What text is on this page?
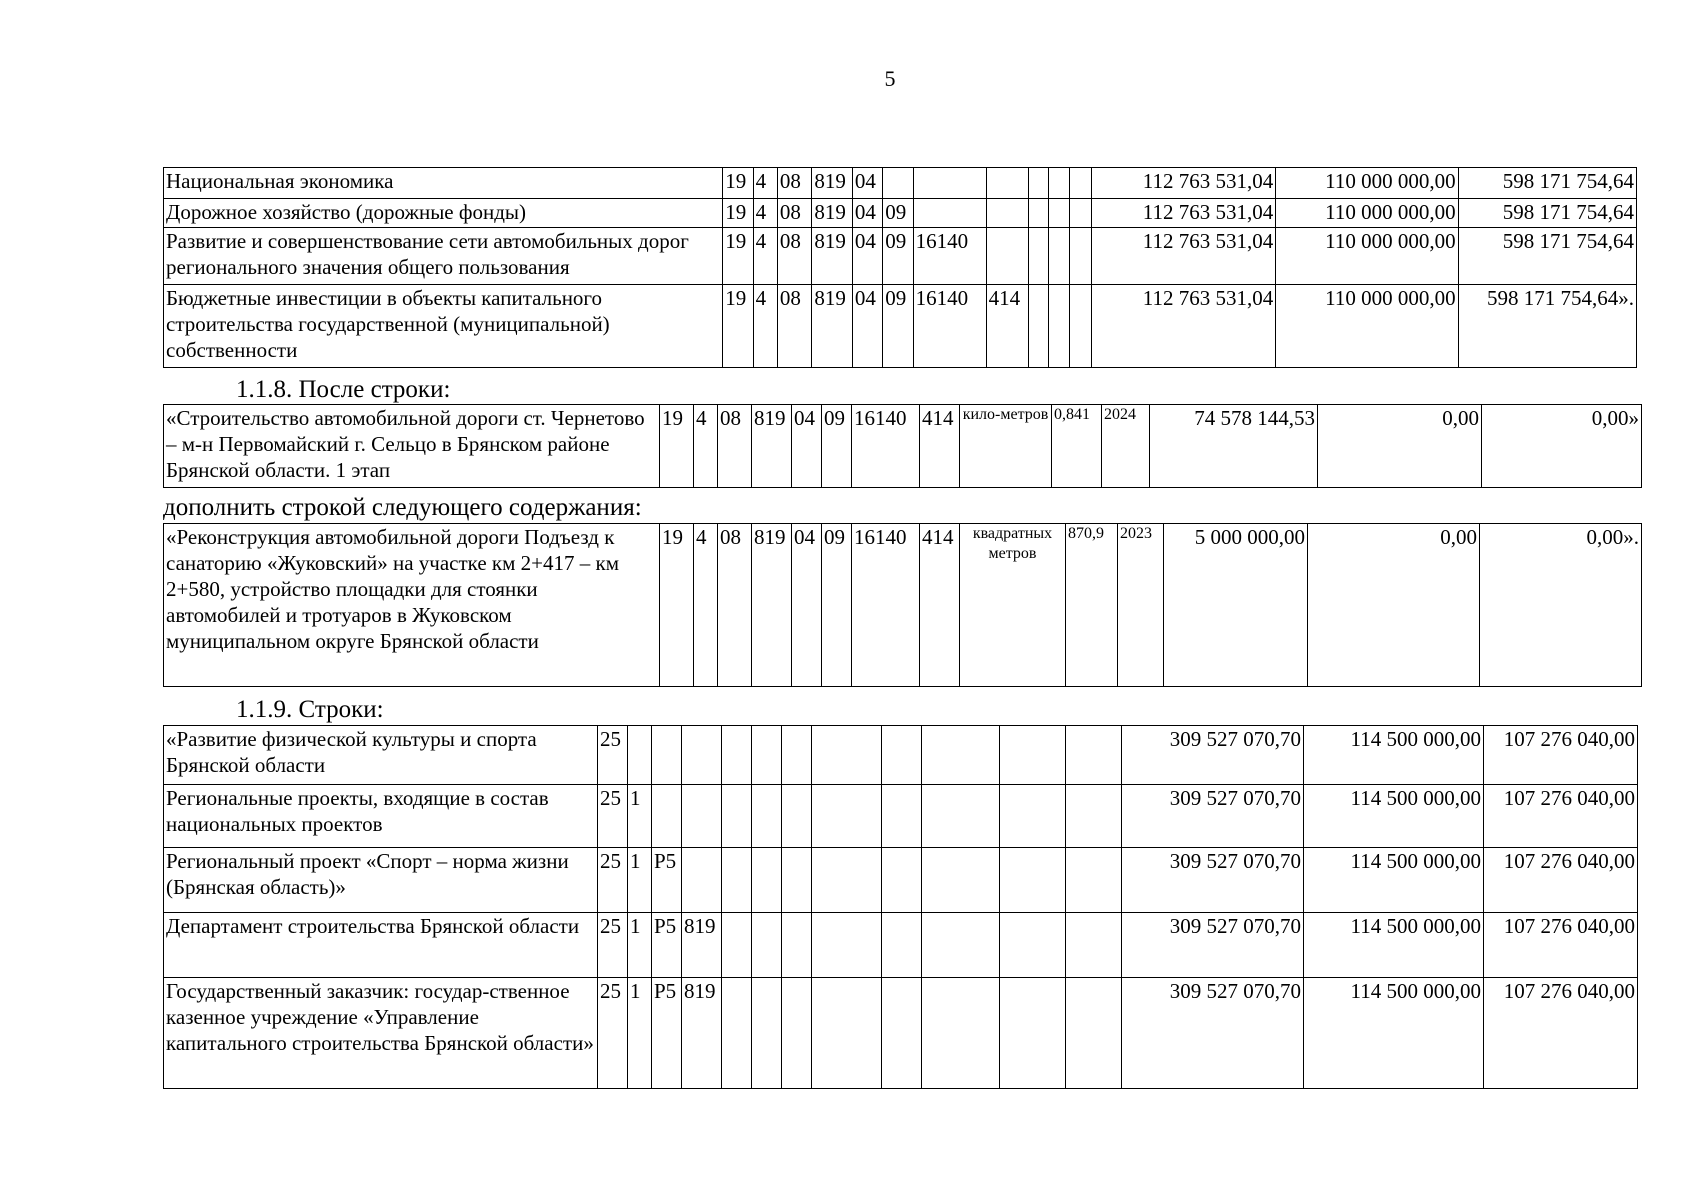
5
Национальная экономика	19	4	08	819	04							112 763 531,04	110 000 000,00	598 171 754,64
Дорожное хозяйство (дорожные фонды)	19	4	08	819	04	09						112 763 531,04	110 000 000,00	598 171 754,64
Развитие и совершенствование сети автомобильных дорог регионального значения общего пользования	19	4	08	819	04	09	16140					112 763 531,04	110 000 000,00	598 171 754,64
Бюджетные инвестиции в объекты капитального строительства государственной (муниципальной) собственности	19	4	08	819	04	09	16140	414				112 763 531,04	110 000 000,00	598 171 754,64».
1.1.8. После строки:
«Строительство автомобильной дороги ст. Чернетово – м-н Первомайский г. Сельцо в Брянском районе Брянской области. 1 этап	19	4	08	819	04	09	16140	414	кило-метров	0,841	2024	74 578 144,53	0,00	0,00»
дополнить строкой следующего содержания:
«Реконструкция автомобильной дороги Подъезд к санаторию «Жуковский» на участке км 2+417 – км 2+580, устройство площадки для стоянки автомобилей и тротуаров в Жуковском муниципальном округе Брянской области	19	4	08	819	04	09	16140	414	квадратных метров	870,9	2023	5 000 000,00	0,00	0,00».
1.1.9. Строки:
«Развитие физической культуры и спорта Брянской области	25												309 527 070,70	114 500 000,00	107 276 040,00
Региональные проекты, входящие в состав национальных проектов	25	1											309 527 070,70	114 500 000,00	107 276 040,00
Региональный проект «Спорт – норма жизни (Брянская область)»	25	1	P5										309 527 070,70	114 500 000,00	107 276 040,00
Департамент строительства Брянской области	25	1	P5	819									309 527 070,70	114 500 000,00	107 276 040,00
Государственный заказчик: государ-ственное казенное учреждение «Управление капитального строительства Брянской области»	25	1	P5	819									309 527 070,70	114 500 000,00	107 276 040,00
